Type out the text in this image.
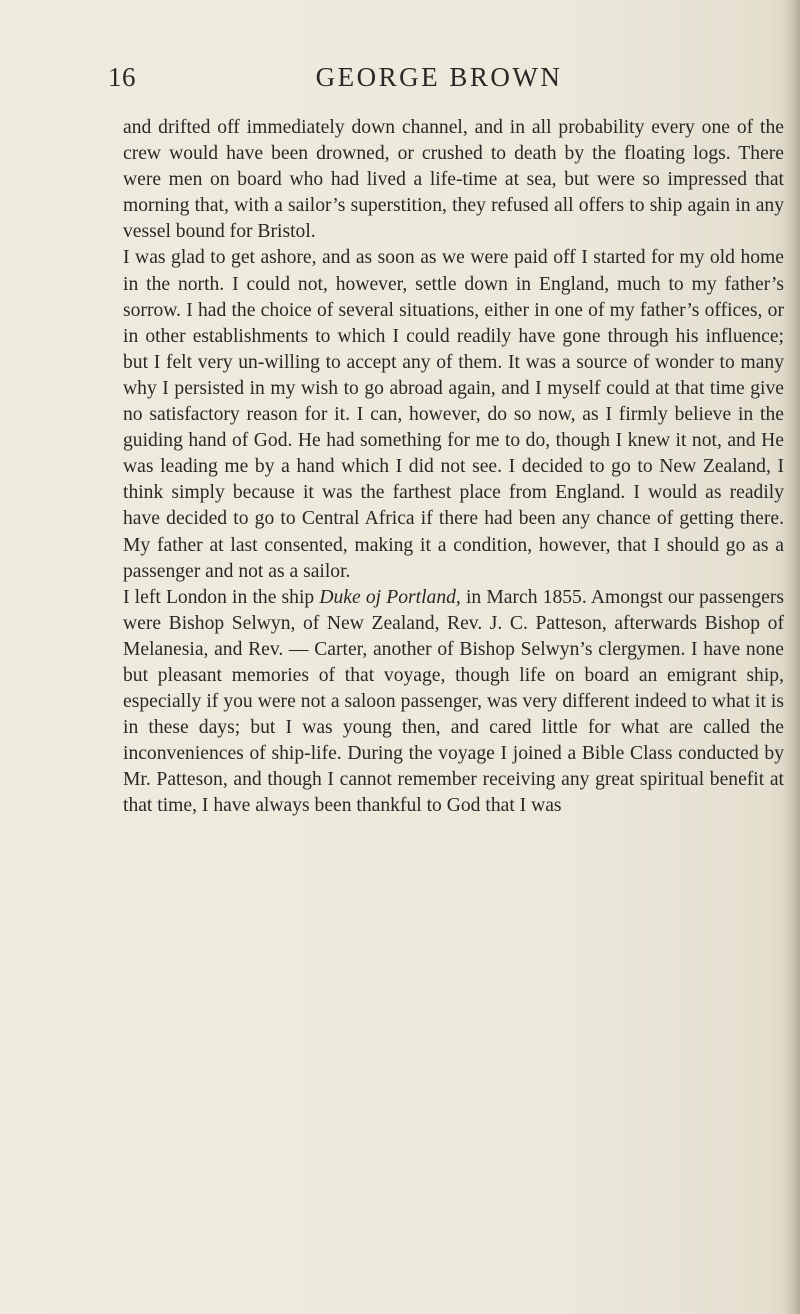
16	GEORGE BROWN

and drifted off immediately down channel, and in all probability every one of the crew would have been drowned, or crushed to death by the floating logs. There were men on board who had lived a life-time at sea, but were so impressed that morning that, with a sailor’s superstition, they refused all offers to ship again in any vessel bound for Bristol.

I was glad to get ashore, and as soon as we were paid off I started for my old home in the north. I could not, however, settle down in England, much to my father’s sorrow. I had the choice of several situations, either in one of my father’s offices, or in other establishments to which I could readily have gone through his influence; but I felt very un-willing to accept any of them. It was a source of wonder to many why I persisted in my wish to go abroad again, and I myself could at that time give no satisfactory reason for it. I can, however, do so now, as I firmly believe in the guiding hand of God. He had something for me to do, though I knew it not, and He was leading me by a hand which I did not see. I decided to go to New Zealand, I think simply because it was the farthest place from England. I would as readily have decided to go to Central Africa if there had been any chance of getting there. My father at last consented, making it a condition, however, that I should go as a passenger and not as a sailor.

I left London in the ship Duke oj Portland, in March 1855. Amongst our passengers were Bishop Selwyn, of New Zealand, Rev. J. C. Patteson, afterwards Bishop of Melanesia, and Rev. — Carter, another of Bishop Selwyn’s clergymen. I have none but pleasant memories of that voyage, though life on board an emigrant ship, especially if you were not a saloon passenger, was very different indeed to what it is in these days; but I was young then, and cared little for what are called the inconveniences of ship-life. During the voyage I joined a Bible Class conducted by Mr. Patteson, and though I cannot remember receiving any great spiritual benefit at that time, I have always been thankful to God that I was
